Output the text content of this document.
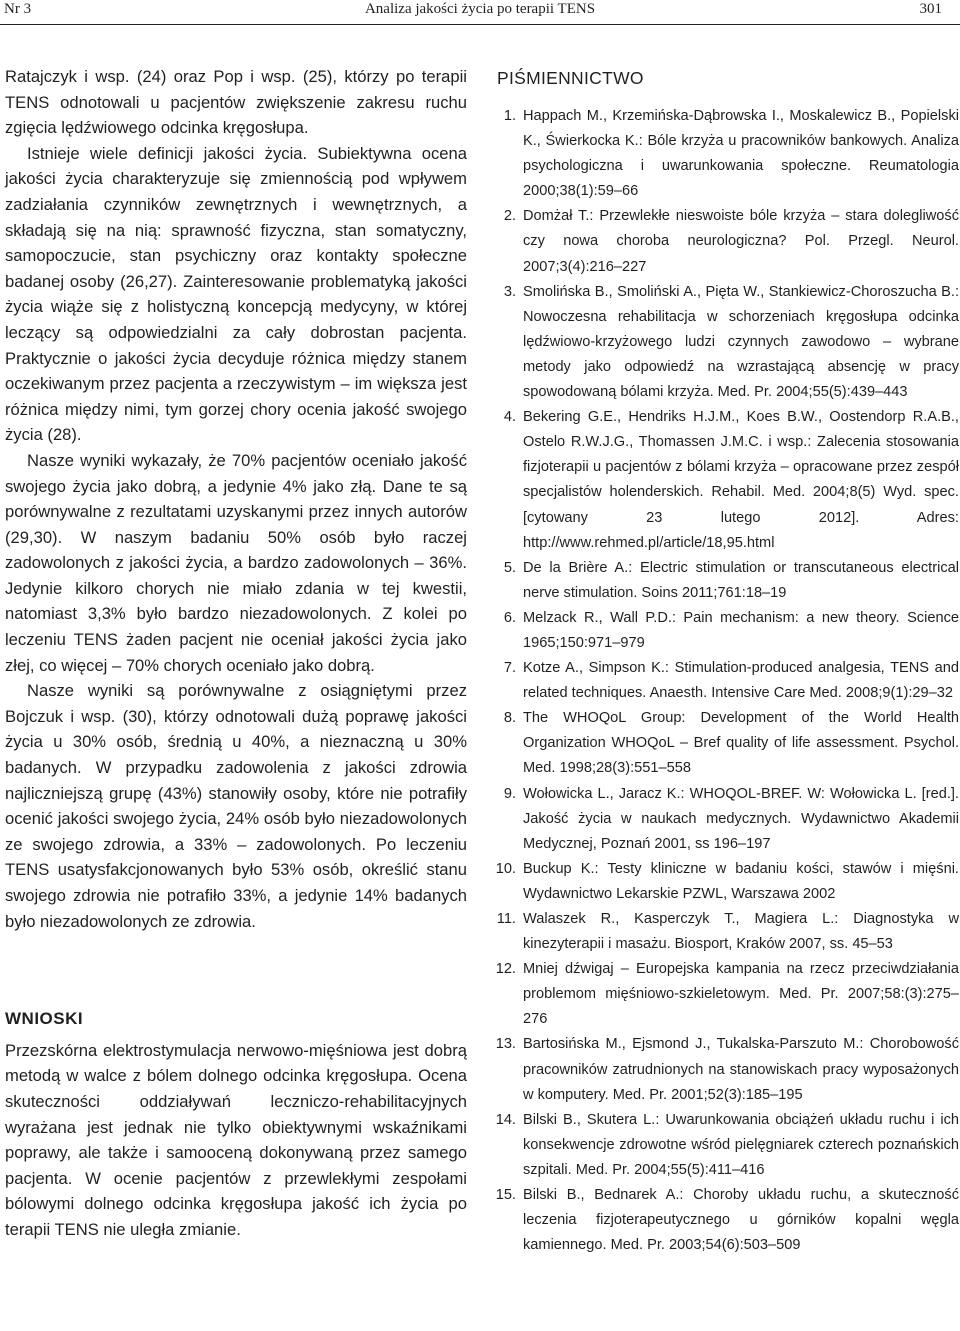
Nr 3	Analiza jakości życia po terapii TENS	301

Ratajczyk i wsp. (24) oraz Pop i wsp. (25), którzy po terapii TENS odnotowali u pacjentów zwiększenie zakresu ruchu zgięcia lędźwiowego odcinka kręgosłupa.

Istnieje wiele definicji jakości życia. Subiektywna ocena jakości życia charakteryzuje się zmiennością pod wpływem zadziałania czynników zewnętrznych i wewnętrznych, a składają się na nią: sprawność fizyczna, stan somatyczny, samopoczucie, stan psychiczny oraz kontakty społeczne badanej osoby (26,27). Zainteresowanie problematyką jakości życia wiąże się z holistyczną koncepcją medycyny, w której leczący są odpowiedzialni za cały dobrostan pacjenta. Praktycznie o jakości życia decyduje różnica między stanem oczekiwanym przez pacjenta a rzeczywistym – im większa jest różnica między nimi, tym gorzej chory ocenia jakość swojego życia (28).

Nasze wyniki wykazały, że 70% pacjentów oceniało jakość swojego życia jako dobrą, a jedynie 4% jako złą. Dane te są porównywalne z rezultatami uzyskanymi przez innych autorów (29,30). W naszym badaniu 50% osób było raczej zadowolonych z jakości życia, a bardzo zadowolonych – 36%. Jedynie kilkoro chorych nie miało zdania w tej kwestii, natomiast 3,3% było bardzo niezadowolonych. Z kolei po leczeniu TENS żaden pacjent nie oceniał jakości życia jako złej, co więcej – 70% chorych oceniało jako dobrą.

Nasze wyniki są porównywalne z osiągniętymi przez Bojczuk i wsp. (30), którzy odnotowali dużą poprawę jakości życia u 30% osób, średnią u 40%, a nieznaczną u 30% badanych. W przypadku zadowolenia z jakości zdrowia najliczniejszą grupę (43%) stanowiły osoby, które nie potrafiły ocenić jakości swojego życia, 24% osób było niezadowolonych ze swojego zdrowia, a 33% – zadowolonych. Po leczeniu TENS usatysfakcjonowanych było 53% osób, określić stanu swojego zdrowia nie potrafiło 33%, a jedynie 14% badanych było niezadowolonych ze zdrowia.

WNIOSKI

Przezskórna elektrostymulacja nerwowo-mięśniowa jest dobrą metodą w walce z bólem dolnego odcinka kręgosłupa. Ocena skuteczności oddziaływań leczniczo-rehabilitacyjnych wyrażana jest jednak nie tylko obiektywnymi wskaźnikami poprawy, ale także i samooceną dokonywaną przez samego pacjenta. W ocenie pacjentów z przewlekłymi zespołami bólowymi dolnego odcinka kręgosłupa jakość ich życia po terapii TENS nie uległa zmianie.

PIŚMIENNICTWO
1. Happach M., Krzemińska-Dąbrowska I., Moskalewicz B., Popielski K., Świerkocka K.: Bóle krzyża u pracowników bankowych. Analiza psychologiczna i uwarunkowania społeczne. Reumatologia 2000;38(1):59–66
2. Domżał T.: Przewlekłe nieswoiste bóle krzyża – stara dolegliwość czy nowa choroba neurologiczna? Pol. Przegl. Neurol. 2007;3(4):216–227
3. Smolińska B., Smoliński A., Pięta W., Stankiewicz-Choroszucha B.: Nowoczesna rehabilitacja w schorzeniach kręgosłupa odcinka lędźwiowo-krzyżowego ludzi czynnych zawodowo – wybrane metody jako odpowiedź na wzrastającą absencję w pracy spowodowaną bólami krzyża. Med. Pr. 2004;55(5):439–443
4. Bekering G.E., Hendriks H.J.M., Koes B.W., Oostendorp R.A.B., Ostelo R.W.J.G., Thomassen J.M.C. i wsp.: Zalecenia stosowania fizjoterapii u pacjentów z bólami krzyża – opracowane przez zespół specjalistów holenderskich. Rehabil. Med. 2004;8(5) Wyd. spec. [cytowany 23 lutego 2012]. Adres: http://www.rehmed.pl/article/18,95.html
5. De la Brière A.: Electric stimulation or transcutaneous electrical nerve stimulation. Soins 2011;761:18–19
6. Melzack R., Wall P.D.: Pain mechanism: a new theory. Science 1965;150:971–979
7. Kotze A., Simpson K.: Stimulation-produced analgesia, TENS and related techniques. Anaesth. Intensive Care Med. 2008;9(1):29–32
8. The WHOQoL Group: Development of the World Health Organization WHOQoL – Bref quality of life assessment. Psychol. Med. 1998;28(3):551–558
9. Wołowicka L., Jaracz K.: WHOQOL-BREF. W: Wołowicka L. [red.]. Jakość życia w naukach medycznych. Wydawnictwo Akademii Medycznej, Poznań 2001, ss 196–197
10. Buckup K.: Testy kliniczne w badaniu kości, stawów i mięśni. Wydawnictwo Lekarskie PZWL, Warszawa 2002
11. Walaszek R., Kasperczyk T., Magiera L.: Diagnostyka w kinezyterapii i masażu. Biosport, Kraków 2007, ss. 45–53
12. Mniej dźwigaj – Europejska kampania na rzecz przeciwdziałania problemom mięśniowo-szkieletowym. Med. Pr. 2007;58:(3):275–276
13. Bartosińska M., Ejsmond J., Tukalska-Parszuto M.: Chorobowość pracowników zatrudnionych na stanowiskach pracy wyposażonych w komputery. Med. Pr. 2001;52(3):185–195
14. Bilski B., Skutera L.: Uwarunkowania obciążeń układu ruchu i ich konsekwencje zdrowotne wśród pielęgniarek czterech poznańskich szpitali. Med. Pr. 2004;55(5):411–416
15. Bilski B., Bednarek A.: Choroby układu ruchu, a skuteczność leczenia fizjoterapeutycznego u górników kopalni węgla kamiennego. Med. Pr. 2003;54(6):503–509
